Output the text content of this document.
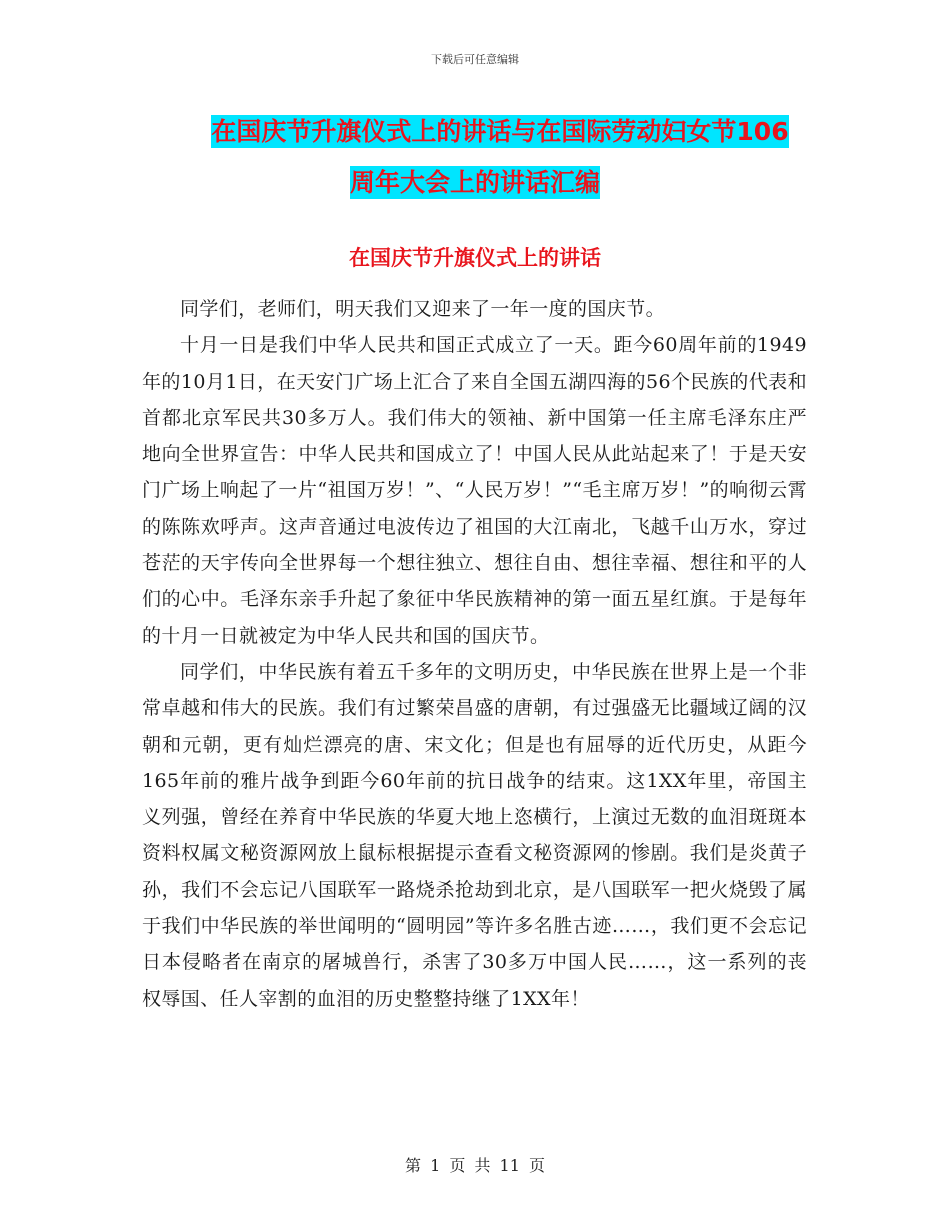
下载后可任意编辑
在国庆节升旗仪式上的讲话与在国际劳动妇女节106
周年大会上的讲话汇编
在国庆节升旗仪式上的讲话

同学们，老师们，明天我们又迎来了一年一度的国庆节。

十月一日是我们中华人民共和国正式成立了一天。距今60周年前的1949年的10月1日，在天安门广场上汇合了来自全国五湖四海的56个民族的代表和首都北京军民共30多万人。我们伟大的领袖、新中国第一任主席毛泽东庄严地向全世界宣告：中华人民共和国成立了！中国人民从此站起来了！于是天安门广场上响起了一片“祖国万岁！”、“人民万岁！”“毛主席万岁！”的响彻云霄的陈陈欢呼声。这声音通过电波传边了祖国的大江南北，飞越千山万水，穿过苍茫的天宇传向全世界每一个想往独立、想往自由、想往幸福、想往和平的人们的心中。毛泽东亲手升起了象征中华民族精神的第一面五星红旗。于是每年的十月一日就被定为中华人民共和国的国庆节。

同学们，中华民族有着五千多年的文明历史，中华民族在世界上是一个非常卓越和伟大的民族。我们有过繁荣昌盛的唐朝，有过强盛无比疆域辽阔的汉朝和元朝，更有灿烂漂亮的唐、宋文化；但是也有屈辱的近代历史，从距今165年前的雅片战争到距今60年前的抗日战争的结束。这1XX年里，帝国主义列强，曾经在养育中华民族的华夏大地上恣横行，上演过无数的血泪斑斑本资料权属文秘资源网放上鼠标根据提示查看文秘资源网的惨剧。我们是炎黄子孙，我们不会忘记八国联军一路烧杀抢劫到北京，是八国联军一把火烧毁了属于我们中华民族的举世闻明的“圆明园”等许多名胜古迹……，我们更不会忘记日本侵略者在南京的屠城兽行，杀害了30多万中国人民……，这一系列的丧权辱国、任人宰割的血泪的历史整整持继了1XX年！

第 1 页 共 11 页
